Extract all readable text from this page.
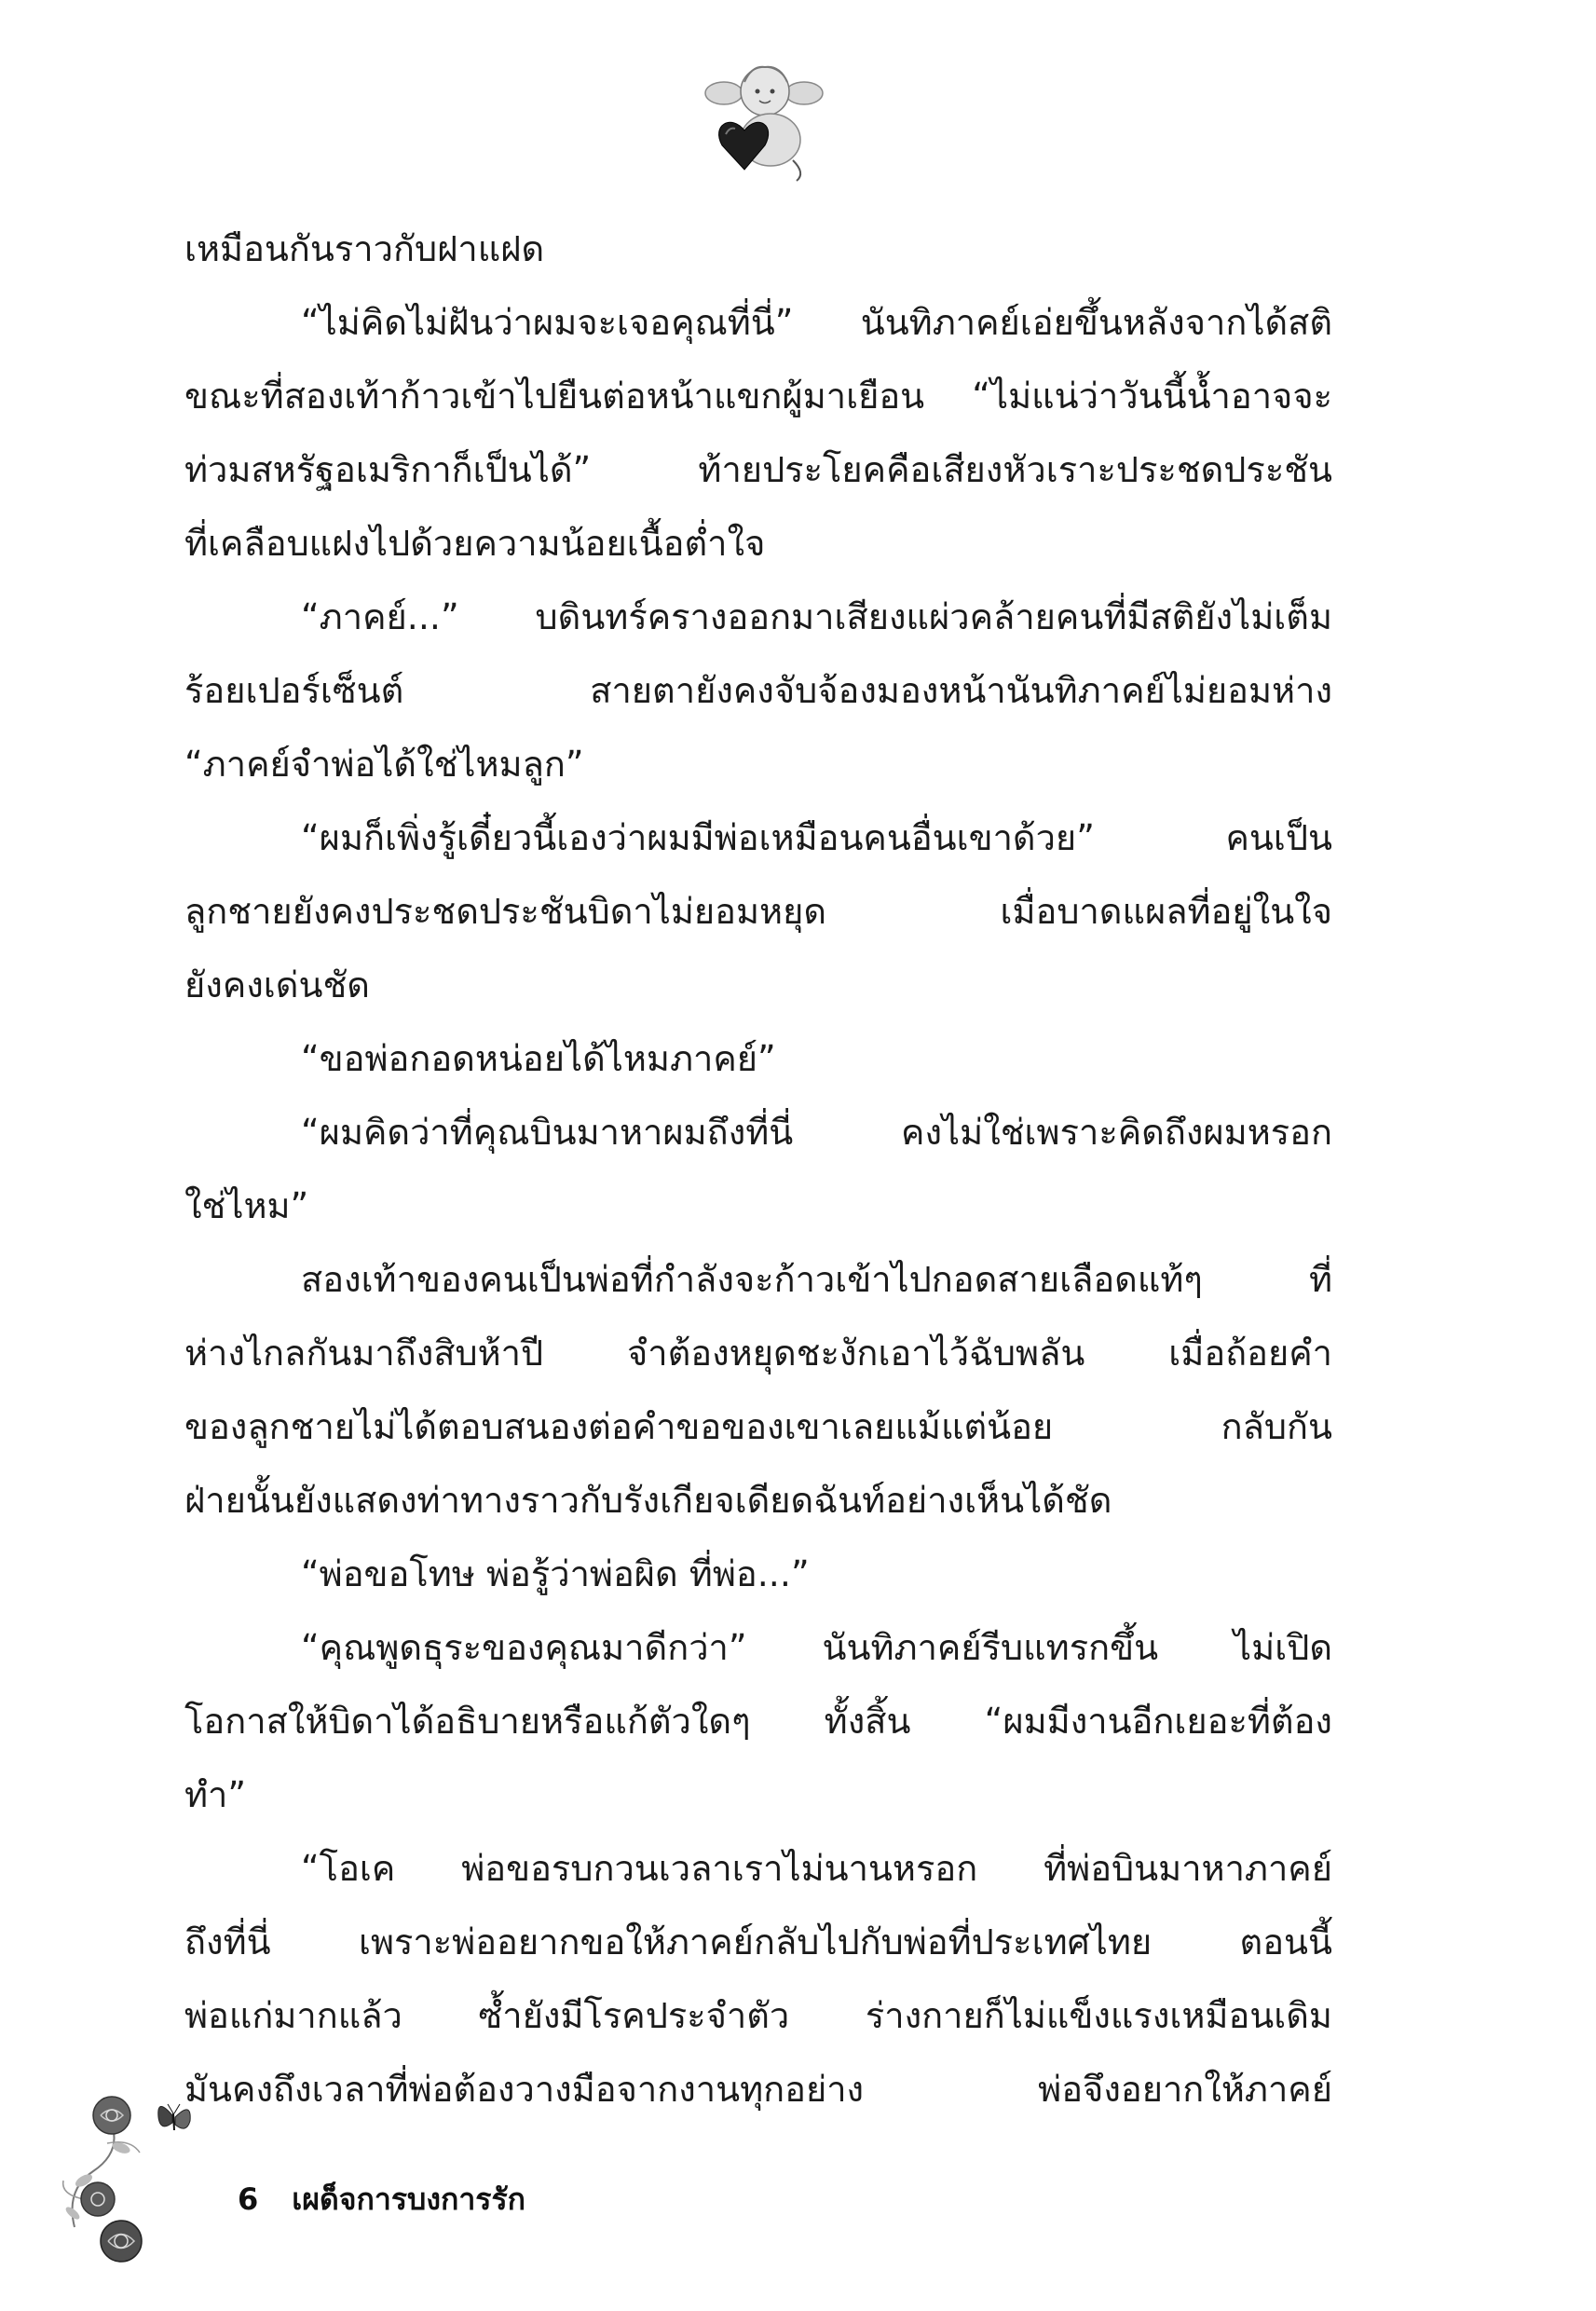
เหมือนกันราวกับฝาแฝด
“ไม่คิดไม่ฝันว่าผมจะเจอคุณที่นี่” นันทิภาคย์เอ่ยขึ้นหลังจากได้สติ
ขณะที่สองเท้าก้าวเข้าไปยืนต่อหน้าแขกผู้มาเยือน “ไม่แน่ว่าวันนี้น้ำอาจจะ
ท่วมสหรัฐอเมริกาก็เป็นได้” ท้ายประโยคคือเสียงหัวเราะประชดประชัน
ที่เคลือบแฝงไปด้วยความน้อยเนื้อต่ำใจ
“ภาคย์...” บดินทร์ครางออกมาเสียงแผ่วคล้ายคนที่มีสติยังไม่เต็ม
ร้อยเปอร์เซ็นต์ สายตายังคงจับจ้องมองหน้านันทิภาคย์ไม่ยอมห่าง
“ภาคย์จำพ่อได้ใช่ไหมลูก”
“ผมก็เพิ่งรู้เดี๋ยวนี้เองว่าผมมีพ่อเหมือนคนอื่นเขาด้วย” คนเป็น
ลูกชายยังคงประชดประชันบิดาไม่ยอมหยุด เมื่อบาดแผลที่อยู่ในใจ
ยังคงเด่นชัด
“ขอพ่อกอดหน่อยได้ไหมภาคย์”
“ผมคิดว่าที่คุณบินมาหาผมถึงที่นี่ คงไม่ใช่เพราะคิดถึงผมหรอก
ใช่ไหม”
สองเท้าของคนเป็นพ่อที่กำลังจะก้าวเข้าไปกอดสายเลือดแท้ๆ ที่
ห่างไกลกันมาถึงสิบห้าปี จำต้องหยุดชะงักเอาไว้ฉับพลัน เมื่อถ้อยคำ
ของลูกชายไม่ได้ตอบสนองต่อคำขอของเขาเลยแม้แต่น้อย กลับกัน
ฝ่ายนั้นยังแสดงท่าทางราวกับรังเกียจเดียดฉันท์อย่างเห็นได้ชัด
“พ่อขอโทษ พ่อรู้ว่าพ่อผิด ที่พ่อ...”
“คุณพูดธุระของคุณมาดีกว่า” นันทิภาคย์รีบแทรกขึ้น ไม่เปิด
โอกาสให้บิดาได้อธิบายหรือแก้ตัวใดๆ ทั้งสิ้น “ผมมีงานอีกเยอะที่ต้อง
ทำ”
“โอเค พ่อขอรบกวนเวลาเราไม่นานหรอก ที่พ่อบินมาหาภาคย์
ถึงที่นี่ เพราะพ่ออยากขอให้ภาคย์กลับไปกับพ่อที่ประเทศไทย ตอนนี้
พ่อแก่มากแล้ว ซ้ำยังมีโรคประจำตัว ร่างกายก็ไม่แข็งแรงเหมือนเดิม
มันคงถึงเวลาที่พ่อต้องวางมือจากงานทุกอย่าง พ่อจึงอยากให้ภาคย์
6 เผด็จการบงการรัก
